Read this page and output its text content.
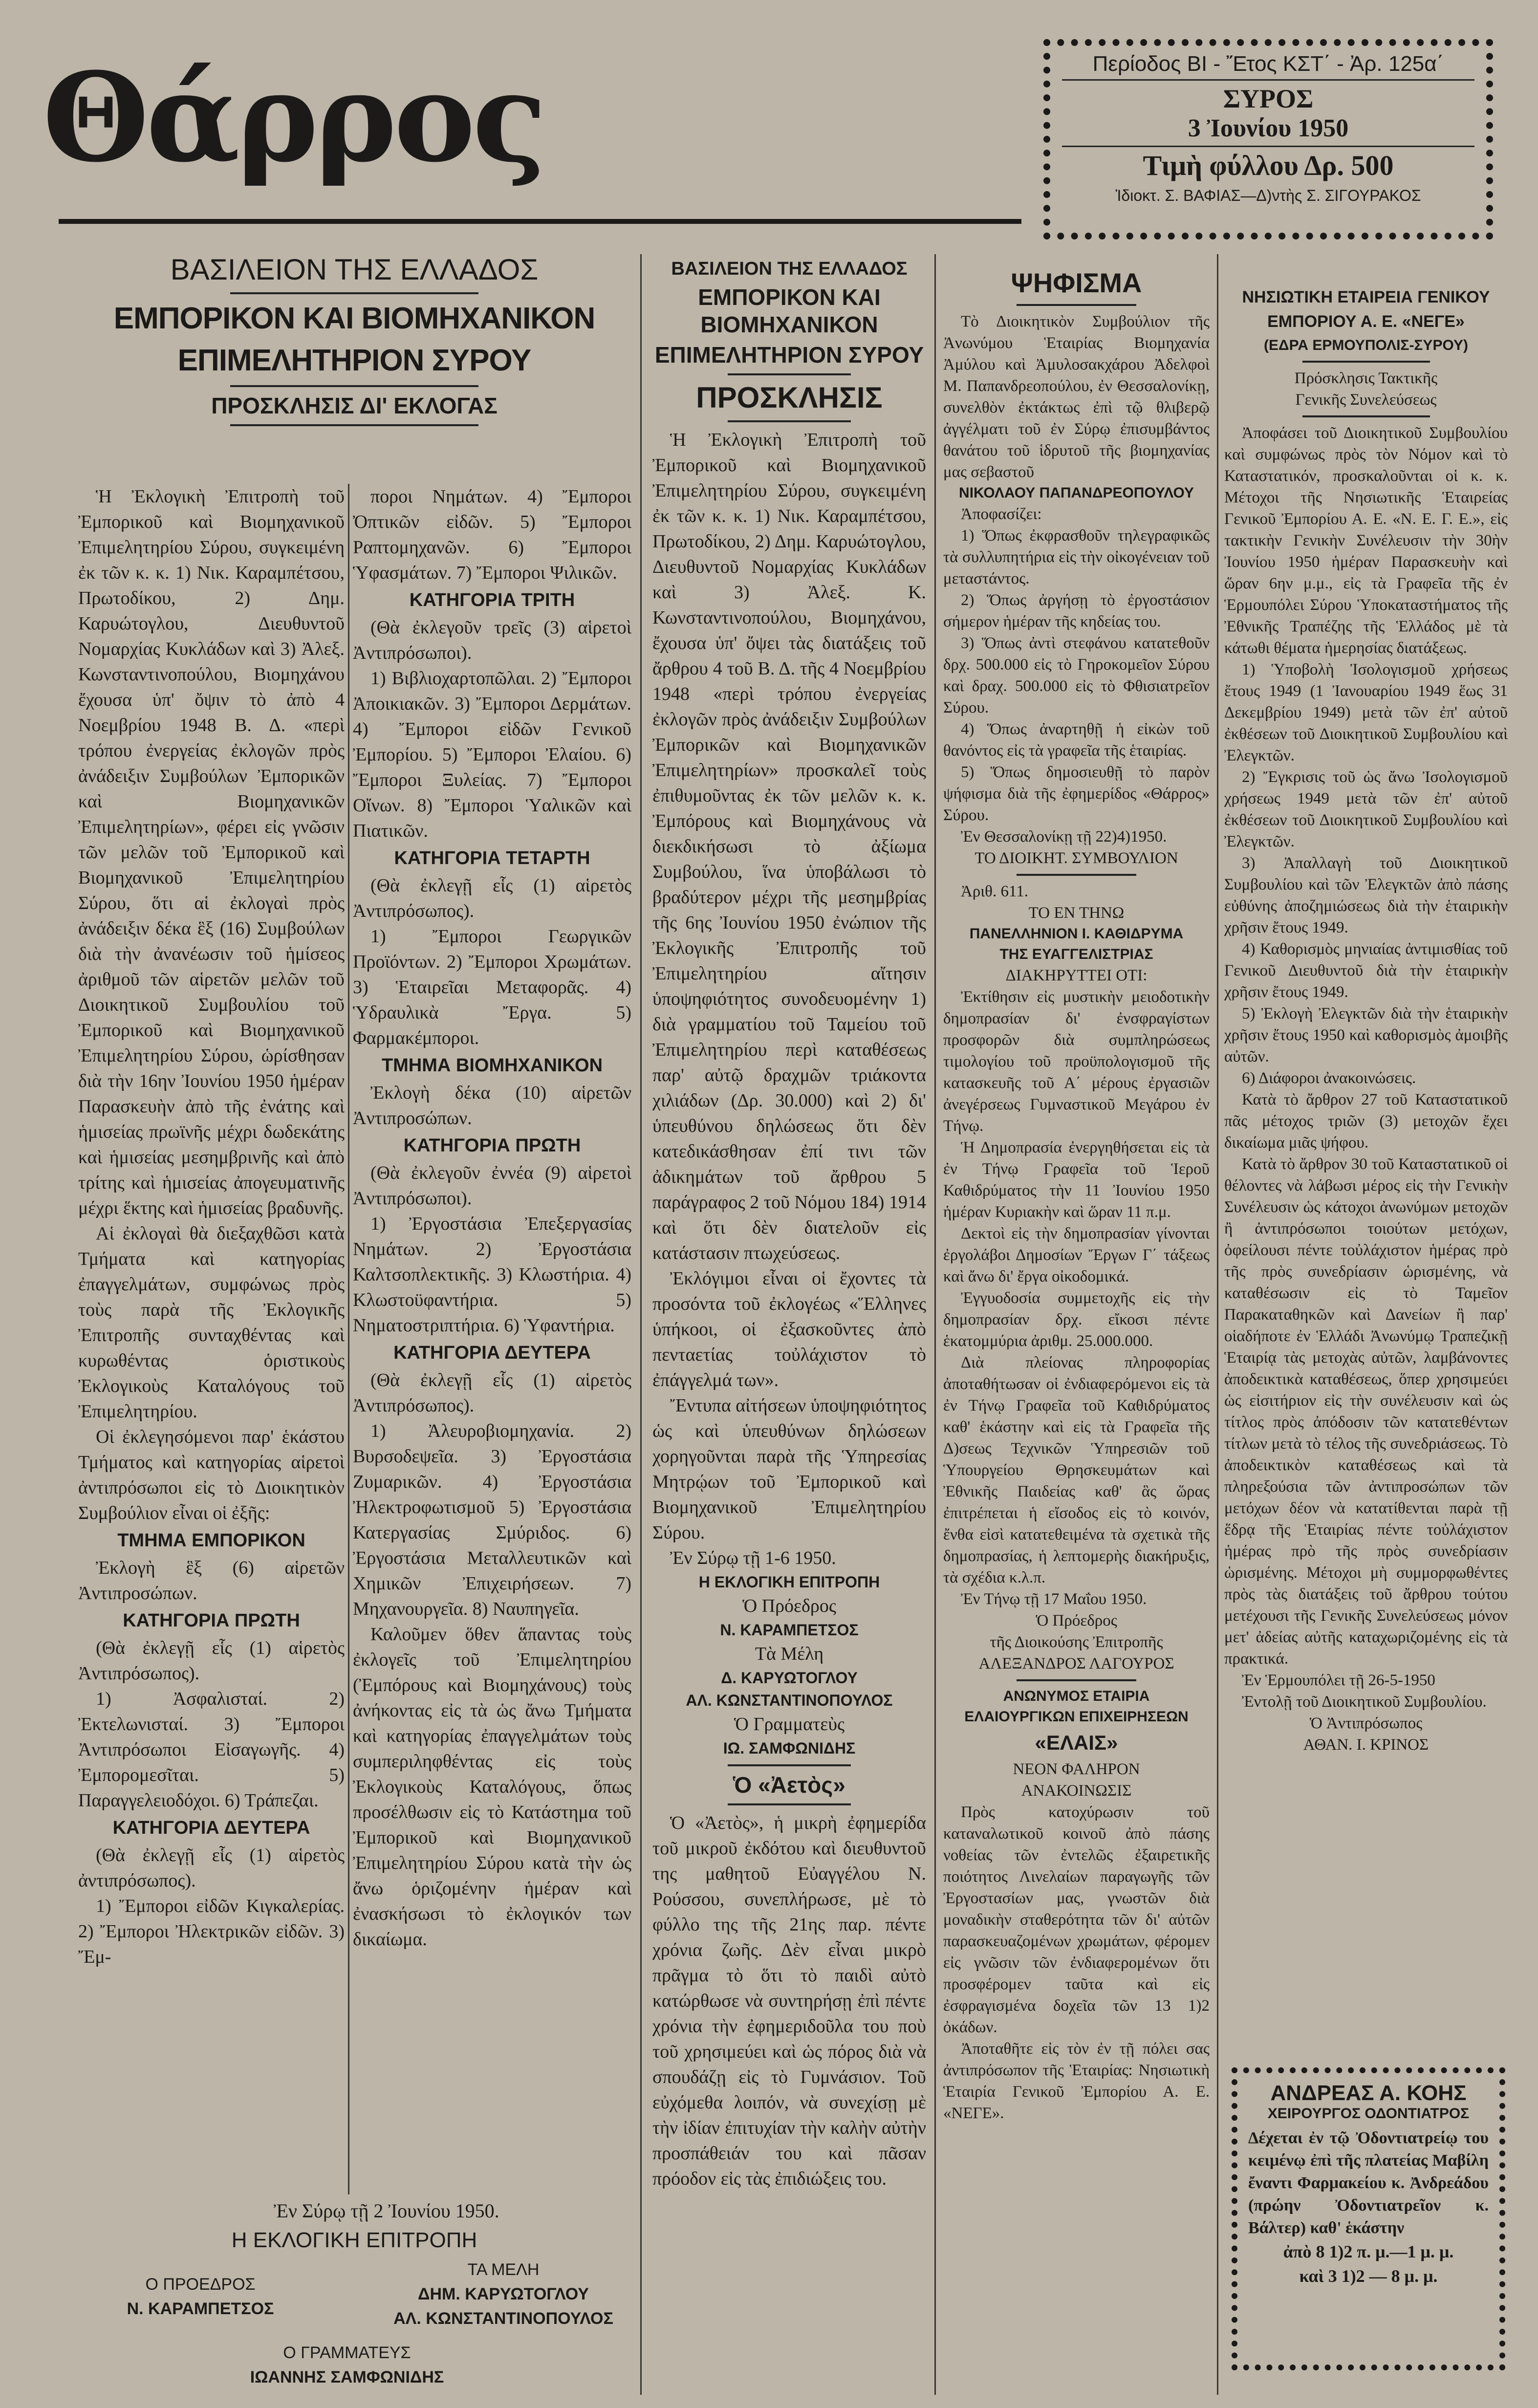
Θάρρος	Περίοδος ΒΙ - Ἔτος ΚΣΤ΄ - Ἀρ. 125α΄
ΣΥΡΟΣ
3 Ἰουνίου 1950
Τιμὴ φύλλου Δρ. 500
Ἰδιοκτ. Σ. ΒΑΦΙΑΣ—Δ)ντὴς Σ. ΣΙΓΟΥΡΑΚΟΣ
ΒΑΣΙΛΕΙΟΝ ΤΗΣ ΕΛΛΑΔΟΣ
ΕΜΠΟΡΙΚΟΝ ΚΑΙ ΒΙΟΜΗΧΑΝΙΚΟΝ
ΕΠΙΜΕΛΗΤΗΡΙΟΝ ΣΥΡΟΥ
ΠΡΟΣΚΛΗΣΙΣ ΔΙ' ΕΚΛΟΓΑΣ

Ἡ Ἐκλογικὴ Ἐπιτροπὴ τοῦ Ἐμπορικοῦ καὶ Βιομηχανικοῦ Ἐπιμελητηρίου Σύρου, συγκειμένη ἐκ τῶν κ. κ. 1) Νικ. Καραμπέτσου, Πρωτοδίκου, 2) Δημ. Καρυώτογλου, Διευθυντοῦ Νομαρχίας Κυκλάδων καὶ 3) Ἀλεξ. Κωνσταντινοπούλου, Βιομηχάνου ἔχουσα ὑπ' ὄψιν τὸ ἀπὸ 4 Νοεμβρίου 1948 Β. Δ. «περὶ τρόπου ἐνεργείας ἐκλογῶν πρὸς ἀνάδειξιν Συμβούλων Ἐμπορικῶν καὶ Βιομηχανικῶν Ἐπιμελητηρίων», φέρει εἰς γνῶσιν τῶν μελῶν τοῦ Ἐμπορικοῦ καὶ Βιομηχανικοῦ Ἐπιμελητηρίου Σύρου, ὅτι αἱ ἐκλογαὶ πρὸς ἀνάδειξιν δέκα ἓξ (16) Συμβούλων διὰ τὴν ἀνανέωσιν τοῦ ἡμίσεος ἀριθμοῦ τῶν αἱρετῶν μελῶν τοῦ Διοικητικοῦ Συμβουλίου τοῦ Ἐμπορικοῦ καὶ Βιομηχανικοῦ Ἐπιμελητηρίου Σύρου, ὡρίσθησαν διὰ τὴν 16ην Ἰουνίου 1950 ἡμέραν Παρασκευὴν ἀπὸ τῆς ἐνάτης καὶ ἡμισείας πρωϊνῆς μέχρι δωδεκάτης καὶ ἡμισείας μεσημβρινῆς καὶ ἀπὸ τρίτης καὶ ἡμισείας ἀπογευματινῆς μέχρι ἕκτης καὶ ἡμισείας βραδυνῆς.

Αἱ ἐκλογαὶ θὰ διεξαχθῶσι κατὰ Τμήματα καὶ κατηγορίας ἐπαγγελμάτων, συμφώνως πρὸς τοὺς παρὰ τῆς Ἐκλογικῆς Ἐπιτροπῆς συνταχθέντας καὶ κυρωθέντας ὁριστικοὺς Ἐκλογικοὺς Καταλόγους τοῦ Ἐπιμελητηρίου.

Οἱ ἐκλεγησόμενοι παρ' ἑκάστου Τμήματος καὶ κατηγορίας αἱρετοὶ ἀντιπρόσωποι εἰς τὸ Διοικητικὸν Συμβούλιον εἶναι οἱ ἐξῆς:

ΤΜΗΜΑ ΕΜΠΟΡΙΚΟΝ

Ἐκλογὴ ἓξ (6) αἱρετῶν Ἀντιπροσώπων.

ΚΑΤΗΓΟΡΙΑ ΠΡΩΤΗ

(Θὰ ἐκλεγῇ εἷς (1) αἱρετὸς Ἀντιπρόσωπος).

1) Ἀσφαλισταί. 2) Ἐκτελωνισταί. 3) Ἔμποροι Ἀντιπρόσωποι Εἰσαγωγῆς. 4) Ἐμπορομεσῖται. 5) Παραγγελειοδόχοι. 6) Τράπεζαι.

ΚΑΤΗΓΟΡΙΑ ΔΕΥΤΕΡΑ

(Θὰ ἐκλεγῇ εἷς (1) αἱρετὸς ἀντιπρόσωπος).

1) Ἔμποροι εἰδῶν Κιγκαλερίας. 2) Ἔμποροι Ἠλεκτρικῶν εἰδῶν. 3) Ἔμ-

ποροι Νημάτων. 4) Ἔμποροι Ὀπτικῶν εἰδῶν. 5) Ἔμποροι Ραπτομηχανῶν. 6) Ἔμποροι Ὑφασμάτων. 7) Ἔμποροι Ψιλικῶν.

ΚΑΤΗΓΟΡΙΑ ΤΡΙΤΗ

(Θὰ ἐκλεγοῦν τρεῖς (3) αἱρετοὶ Ἀντιπρόσωποι).

1) Βιβλιοχαρτοπῶλαι. 2) Ἔμποροι Ἀποικιακῶν. 3) Ἔμποροι Δερμάτων. 4) Ἔμποροι εἰδῶν Γενικοῦ Ἐμπορίου. 5) Ἔμποροι Ἐλαίου. 6) Ἔμποροι Ξυλείας. 7) Ἔμποροι Οἴνων. 8) Ἔμποροι Ὑαλικῶν καὶ Πιατικῶν.

ΚΑΤΗΓΟΡΙΑ ΤΕΤΑΡΤΗ

(Θὰ ἐκλεγῇ εἷς (1) αἱρετὸς Ἀντιπρόσωπος).

1) Ἔμποροι Γεωργικῶν Προϊόντων. 2) Ἔμποροι Χρωμάτων. 3) Ἑταιρεῖαι Μεταφορᾶς. 4) Ὑδραυλικὰ Ἔργα. 5) Φαρμακέμποροι.

ΤΜΗΜΑ ΒΙΟΜΗΧΑΝΙΚΟΝ

Ἐκλογὴ δέκα (10) αἱρετῶν Ἀντιπροσώπων.

ΚΑΤΗΓΟΡΙΑ ΠΡΩΤΗ

(Θὰ ἐκλεγοῦν ἐννέα (9) αἱρετοὶ Ἀντιπρόσωποι).

1) Ἐργοστάσια Ἐπεξεργασίας Νημάτων. 2) Ἐργοστάσια Καλτσοπλεκτικῆς. 3) Κλωστήρια. 4) Κλωστοϋφαντήρια. 5) Νηματοστριπτήρια. 6) Ὑφαντήρια.

ΚΑΤΗΓΟΡΙΑ ΔΕΥΤΕΡΑ

(Θὰ ἐκλεγῇ εἷς (1) αἱρετὸς Ἀντιπρόσωπος).

1) Ἀλευροβιομηχανία. 2) Βυρσοδεψεῖα. 3) Ἐργοστάσια Ζυμαρικῶν. 4) Ἐργοστάσια Ἠλεκτροφωτισμοῦ 5) Ἐργοστάσια Κατεργασίας Σμύριδος. 6) Ἐργοστάσια Μεταλλευτικῶν καὶ Χημικῶν Ἐπιχειρήσεων. 7) Μηχανουργεῖα. 8) Ναυπηγεῖα.

Καλοῦμεν ὅθεν ἅπαντας τοὺς ἐκλογεῖς τοῦ Ἐπιμελητηρίου (Ἐμπόρους καὶ Βιομηχάνους) τοὺς ἀνήκοντας εἰς τὰ ὡς ἄνω Τμήματα καὶ κατηγορίας ἐπαγγελμάτων τοὺς συμπεριληφθέντας εἰς τοὺς Ἐκλογικοὺς Καταλόγους, ὅπως προσέλθωσιν εἰς τὸ Κατάστημα τοῦ Ἐμπορικοῦ καὶ Βιομηχανικοῦ Ἐπιμελητηρίου Σύρου κατὰ τὴν ὡς ἄνω ὁριζομένην ἡμέραν καὶ ἐνασκήσωσι τὸ ἐκλογικόν των δικαίωμα.

Ἐν Σύρῳ τῇ 2 Ἰουνίου 1950.
Η ΕΚΛΟΓΙΚΗ ΕΠΙΤΡΟΠΗ
Ο ΠΡΟΕΔΡΟΣ
Ν. ΚΑΡΑΜΠΕΤΣΟΣ
ΤΑ ΜΕΛΗ
ΔΗΜ. ΚΑΡΥΩΤΟΓΛΟΥ
ΑΛ. ΚΩΝΣΤΑΝΤΙΝΟΠΟΥΛΟΣ
Ο ΓΡΑΜΜΑΤΕΥΣ
ΙΩΑΝΝΗΣ ΣΑΜΦΩΝΙΔΗΣ
ΒΑΣΙΛΕΙΟΝ ΤΗΣ ΕΛΛΑΔΟΣ
ΕΜΠΟΡΙΚΟΝ ΚΑΙ ΒΙΟΜΗΧΑΝΙΚΟΝ
ΕΠΙΜΕΛΗΤΗΡΙΟΝ ΣΥΡΟΥ
ΠΡΟΣΚΛΗΣΙΣ

Ἡ Ἐκλογικὴ Ἐπιτροπὴ τοῦ Ἐμπορικοῦ καὶ Βιομηχανικοῦ Ἐπιμελητηρίου Σύρου, συγκειμένη ἐκ τῶν κ. κ. 1) Νικ. Καραμπέτσου, Πρωτοδίκου, 2) Δημ. Καρυώτογλου, Διευθυντοῦ Νομαρχίας Κυκλάδων καὶ 3) Ἀλεξ. Κ. Κωνσταντινοπούλου, Βιομηχάνου, ἔχουσα ὑπ' ὄψει τὰς διατάξεις τοῦ ἄρθρου 4 τοῦ Β. Δ. τῆς 4 Νοεμβρίου 1948 «περὶ τρόπου ἐνεργείας ἐκλογῶν πρὸς ἀνάδειξιν Συμβούλων Ἐμπορικῶν καὶ Βιομηχανικῶν Ἐπιμελητηρίων» προσκαλεῖ τοὺς ἐπιθυμοῦντας ἐκ τῶν μελῶν κ. κ. Ἐμπόρους καὶ Βιομηχάνους νὰ διεκδικήσωσι τὸ ἀξίωμα Συμβούλου, ἵνα ὑποβάλωσι τὸ βραδύτερον μέχρι τῆς μεσημβρίας τῆς 6ης Ἰουνίου 1950 ἐνώπιον τῆς Ἐκλογικῆς Ἐπιτροπῆς τοῦ Ἐπιμελητηρίου αἴτησιν ὑποψηφιότητος συνοδευομένην 1) διὰ γραμματίου τοῦ Ταμείου τοῦ Ἐπιμελητηρίου περὶ καταθέσεως παρ' αὐτῷ δραχμῶν τριάκοντα χιλιάδων (Δρ. 30.000) καὶ 2) δι' ὑπευθύνου δηλώσεως ὅτι δὲν κατεδικάσθησαν ἐπί τινι τῶν ἀδικημάτων τοῦ ἄρθρου 5 παράγραφος 2 τοῦ Νόμου 184) 1914 καὶ ὅτι δὲν διατελοῦν εἰς κατάστασιν πτωχεύσεως.

Ἐκλόγιμοι εἶναι οἱ ἔχοντες τὰ προσόντα τοῦ ἐκλογέως «Ἕλληνες ὑπήκοοι, οἱ ἐξασκοῦντες ἀπὸ πενταετίας τοὐλάχιστον τὸ ἐπάγγελμά των».

Ἔντυπα αἰτήσεων ὑποψηφιότητος ὡς καὶ ὑπευθύνων δηλώσεων χορηγοῦνται παρὰ τῆς Ὑπηρεσίας Μητρῴων τοῦ Ἐμπορικοῦ καὶ Βιομηχανικοῦ Ἐπιμελητηρίου Σύρου.

Ἐν Σύρῳ τῇ 1-6 1950.

Η ΕΚΛΟΓΙΚΗ ΕΠΙΤΡΟΠΗ
Ὁ Πρόεδρος
Ν. ΚΑΡΑΜΠΕΤΣΟΣ
Τὰ Μέλη
Δ. ΚΑΡΥΩΤΟΓΛΟΥ
ΑΛ. ΚΩΝΣΤΑΝΤΙΝΟΠΟΥΛΟΣ
Ὁ Γραμματεὺς
ΙΩ. ΣΑΜΦΩΝΙΔΗΣ
Ὁ «Ἀετὸς»

Ὁ «Ἀετὸς», ἡ μικρὴ ἐφημερίδα τοῦ μικροῦ ἐκδότου καὶ διευθυντοῦ της μαθητοῦ Εὐαγγέλου Ν. Ρούσσου, συνεπλήρωσε, μὲ τὸ φύλλο της τῆς 21ης παρ. πέντε χρόνια ζωῆς. Δὲν εἶναι μικρὸ πρᾶγμα τὸ ὅτι τὸ παιδὶ αὐτὸ κατώρθωσε νὰ συντηρήσῃ ἐπὶ πέντε χρόνια τὴν ἐφημεριδοῦλα του ποὺ τοῦ χρησιμεύει καὶ ὡς πόρος διὰ νὰ σπουδάζῃ εἰς τὸ Γυμνάσιον. Τοῦ εὐχόμεθα λοιπόν, νὰ συνεχίσῃ μὲ τὴν ἰδίαν ἐπιτυχίαν τὴν καλὴν αὐτὴν προσπάθειάν του καὶ πᾶσαν πρόοδον εἰς τὰς ἐπιδιώξεις του.

ΨΗΦΙΣΜΑ

Τὸ Διοικητικὸν Συμβούλιον τῆς Ἀνωνύμου Ἑταιρίας Βιομηχανία Ἀμύλου καὶ Ἀμυλοσακχάρου Ἀδελφοὶ Μ. Παπανδρεοπούλου, ἐν Θεσσαλονίκῃ, συνελθὸν ἐκτάκτως ἐπὶ τῷ θλιβερῷ ἀγγέλματι τοῦ ἐν Σύρῳ ἐπισυμβάντος θανάτου τοῦ ἱδρυτοῦ τῆς βιομηχανίας μας σεβαστοῦ

ΝΙΚΟΛΑΟΥ ΠΑΠΑΝΔΡΕΟΠΟΥΛΟΥ

Ἀποφασίζει:

1) Ὅπως ἐκφρασθοῦν τηλεγραφικῶς τὰ συλλυπητήρια εἰς τὴν οἰκογένειαν τοῦ μεταστάντος.

2) Ὅπως ἀργήσῃ τὸ ἐργοστάσιον σήμερον ἡμέραν τῆς κηδείας του.

3) Ὅπως ἀντὶ στεφάνου κατατεθοῦν δρχ. 500.000 εἰς τὸ Γηροκομεῖον Σύρου καὶ δραχ. 500.000 εἰς τὸ Φθισιατρεῖον Σύρου.

4) Ὅπως ἀναρτηθῇ ἡ εἰκὼν τοῦ θανόντος εἰς τὰ γραφεῖα τῆς ἑταιρίας.

5) Ὅπως δημοσιευθῇ τὸ παρὸν ψήφισμα διὰ τῆς ἐφημερίδος «Θάρρος» Σύρου.

Ἐν Θεσσαλονίκῃ τῇ 22)4)1950.

ΤΟ ΔΙΟΙΚΗΤ. ΣΥΜΒΟΥΛΙΟΝ

Ἀριθ. 611.

ΤΟ ΕΝ ΤΗΝΩ
ΠΑΝΕΛΛΗΝΙΟΝ Ι. ΚΑΘΙΔΡΥΜΑ
ΤΗΣ ΕΥΑΓΓΕΛΙΣΤΡΙΑΣ
ΔΙΑΚΗΡΥΤΤΕΙ ΟΤΙ:

Ἐκτίθησιν εἰς μυστικὴν μειοδοτικὴν δημοπρασίαν δι' ἐνσφραγίστων προσφορῶν διὰ συμπληρώσεως τιμολογίου τοῦ προϋπολογισμοῦ τῆς κατασκευῆς τοῦ Α΄ μέρους ἐργασιῶν ἀνεγέρσεως Γυμναστικοῦ Μεγάρου ἐν Τήνῳ.

Ἡ Δημοπρασία ἐνεργηθήσεται εἰς τὰ ἐν Τήνῳ Γραφεῖα τοῦ Ἱεροῦ Καθιδρύματος τὴν 11 Ἰουνίου 1950 ἡμέραν Κυριακὴν καὶ ὥραν 11 π.μ.

Δεκτοὶ εἰς τὴν δημοπρασίαν γίνονται ἐργολάβοι Δημοσίων Ἔργων Γ΄ τάξεως καὶ ἄνω δι' ἔργα οἰκοδομικά.

Ἐγγυοδοσία συμμετοχῆς εἰς τὴν δημοπρασίαν δρχ. εἴκοσι πέντε ἑκατομμύρια ἀριθμ. 25.000.000.

Διὰ πλείονας πληροφορίας ἀποταθήτωσαν οἱ ἐνδιαφερόμενοι εἰς τὰ ἐν Τήνῳ Γραφεῖα τοῦ Καθιδρύματος καθ' ἑκάστην καὶ εἰς τὰ Γραφεῖα τῆς Δ)σεως Τεχνικῶν Ὑπηρεσιῶν τοῦ Ὑπουργείου Θρησκευμάτων καὶ Ἐθνικῆς Παιδείας καθ' ἃς ὥρας ἐπιτρέπεται ἡ εἴσοδος εἰς τὸ κοινόν, ἔνθα εἰσὶ κατατεθειμένα τὰ σχετικὰ τῆς δημοπρασίας, ἡ λεπτομερὴς διακήρυξις, τὰ σχέδια κ.λ.π.

Ἐν Τήνῳ τῇ 17 Μαΐου 1950.

Ὁ Πρόεδρος
τῆς Διοικούσης Ἐπιτροπῆς
ΑΛΕΞΑΝΔΡΟΣ ΛΑΓΟΥΡΟΣ
ΑΝΩΝΥΜΟΣ ΕΤΑΙΡΙΑ
ΕΛΑΙΟΥΡΓΙΚΩΝ ΕΠΙΧΕΙΡΗΣΕΩΝ
«ΕΛΑΙΣ»
ΝΕΟΝ ΦΑΛΗΡΟΝ
ΑΝΑΚΟΙΝΩΣΙΣ

Πρὸς κατοχύρωσιν τοῦ καταναλωτικοῦ κοινοῦ ἀπὸ πάσης νοθείας τῶν ἐντελῶς ἐξαιρετικῆς ποιότητος Λινελαίων παραγωγῆς τῶν Ἐργοστασίων μας, γνωστῶν διὰ μοναδικὴν σταθερότητα τῶν δι' αὐτῶν παρασκευαζομένων χρωμάτων, φέρομεν εἰς γνῶσιν τῶν ἐνδιαφερομένων ὅτι προσφέρομεν ταῦτα καὶ εἰς ἐσφραγισμένα δοχεῖα τῶν 13 1)2 ὀκάδων.

Ἀποταθῆτε εἰς τὸν ἐν τῇ πόλει σας ἀντιπρόσωπον τῆς Ἑταιρίας: Νησιωτικὴ Ἑταιρία Γενικοῦ Ἐμπορίου Α. Ε. «ΝΕΓΕ».

ΝΗΣΙΩΤΙΚΗ ΕΤΑΙΡΕΙΑ ΓΕΝΙΚΟΥ
ΕΜΠΟΡΙΟΥ Α. Ε. «ΝΕΓΕ»
(ΕΔΡΑ ΕΡΜΟΥΠΟΛΙΣ-ΣΥΡΟΥ)
Πρόσκλησις Τακτικῆς
Γενικῆς Συνελεύσεως

Ἀποφάσει τοῦ Διοικητικοῦ Συμβουλίου καὶ συμφώνως πρὸς τὸν Νόμον καὶ τὸ Καταστατικόν, προσκαλοῦνται οἱ κ. κ. Μέτοχοι τῆς Νησιωτικῆς Ἑταιρείας Γενικοῦ Ἐμπορίου Α. Ε. «Ν. Ε. Γ. Ε.», εἰς τακτικὴν Γενικὴν Συνέλευσιν τὴν 30ὴν Ἰουνίου 1950 ἡμέραν Παρασκευὴν καὶ ὥραν 6ην μ.μ., εἰς τὰ Γραφεῖα τῆς ἐν Ἑρμουπόλει Σύρου Ὑποκαταστήματος τῆς Ἐθνικῆς Τραπέζης τῆς Ἑλλάδος μὲ τὰ κάτωθι θέματα ἡμερησίας διατάξεως.

1) Ὑποβολὴ Ἰσολογισμοῦ χρήσεως ἔτους 1949 (1 Ἰανουαρίου 1949 ἕως 31 Δεκεμβρίου 1949) μετὰ τῶν ἐπ' αὐτοῦ ἐκθέσεων τοῦ Διοικητικοῦ Συμβουλίου καὶ Ἐλεγκτῶν.

2) Ἔγκρισις τοῦ ὡς ἄνω Ἰσολογισμοῦ χρήσεως 1949 μετὰ τῶν ἐπ' αὐτοῦ ἐκθέσεων τοῦ Διοικητικοῦ Συμβουλίου καὶ Ἐλεγκτῶν.

3) Ἀπαλλαγὴ τοῦ Διοικητικοῦ Συμβουλίου καὶ τῶν Ἐλεγκτῶν ἀπὸ πάσης εὐθύνης ἀποζημιώσεως διὰ τὴν ἑταιρικὴν χρῆσιν ἔτους 1949.

4) Καθορισμὸς μηνιαίας ἀντιμισθίας τοῦ Γενικοῦ Διευθυντοῦ διὰ τὴν ἑταιρικὴν χρῆσιν ἔτους 1949.

5) Ἐκλογὴ Ἐλεγκτῶν διὰ τὴν ἑταιρικὴν χρῆσιν ἔτους 1950 καὶ καθορισμὸς ἀμοιβῆς αὐτῶν.

6) Διάφοροι ἀνακοινώσεις.

Κατὰ τὸ ἄρθρον 27 τοῦ Καταστατικοῦ πᾶς μέτοχος τριῶν (3) μετοχῶν ἔχει δικαίωμα μιᾶς ψήφου.

Κατὰ τὸ ἄρθρον 30 τοῦ Καταστατικοῦ οἱ θέλοντες νὰ λάβωσι μέρος εἰς τὴν Γενικὴν Συνέλευσιν ὡς κάτοχοι ἀνωνύμων μετοχῶν ἢ ἀντιπρόσωποι τοιούτων μετόχων, ὀφείλουσι πέντε τοὐλάχιστον ἡμέρας πρὸ τῆς πρὸς συνεδρίασιν ὡρισμένης, νὰ καταθέσωσιν εἰς τὸ Ταμεῖον Παρακαταθηκῶν καὶ Δανείων ἢ παρ' οἱαδήποτε ἐν Ἑλλάδι Ἀνωνύμῳ Τραπεζικῇ Ἑταιρίᾳ τὰς μετοχὰς αὐτῶν, λαμβάνοντες ἀποδεικτικὰ καταθέσεως, ὅπερ χρησιμεύει ὡς εἰσιτήριον εἰς τὴν συνέλευσιν καὶ ὡς τίτλος πρὸς ἀπόδοσιν τῶν κατατεθέντων τίτλων μετὰ τὸ τέλος τῆς συνεδριάσεως. Τὸ ἀποδεικτικὸν καταθέσεως καὶ τὰ πληρεξούσια τῶν ἀντιπροσώπων τῶν μετόχων δέον νὰ κατατίθενται παρὰ τῇ ἕδρᾳ τῆς Ἑταιρίας πέντε τοὐλάχιστον ἡμέρας πρὸ τῆς πρὸς συνεδρίασιν ὡρισμένης. Μέτοχοι μὴ συμμορφωθέντες πρὸς τὰς διατάξεις τοῦ ἄρθρου τούτου μετέχουσι τῆς Γενικῆς Συνελεύσεως μόνον μετ' ἀδείας αὐτῆς καταχωριζομένης εἰς τὰ πρακτικά.

Ἐν Ἑρμουπόλει τῇ 26-5-1950

Ἐντολῇ τοῦ Διοικητικοῦ Συμβουλίου.

Ὁ Ἀντιπρόσωπος
ΑΘΑΝ. Ι. ΚΡΙΝΟΣ
ΑΝΔΡΕΑΣ Α. ΚΟΗΣ
ΧΕΙΡΟΥΡΓΟΣ ΟΔΟΝΤΙΑΤΡΟΣ
Δέχεται ἐν τῷ Ὀδοντιατρείῳ του κειμένῳ ἐπὶ τῆς πλατείας Μαβίλη ἔναντι Φαρμακείου κ. Ἀνδρεάδου (πρώην Ὀδοντιατρεῖον κ. Βάλτερ) καθ' ἑκάστην
ἀπὸ 8 1)2 π. μ.—1 μ. μ.
καὶ 3 1)2 — 8 μ. μ.
